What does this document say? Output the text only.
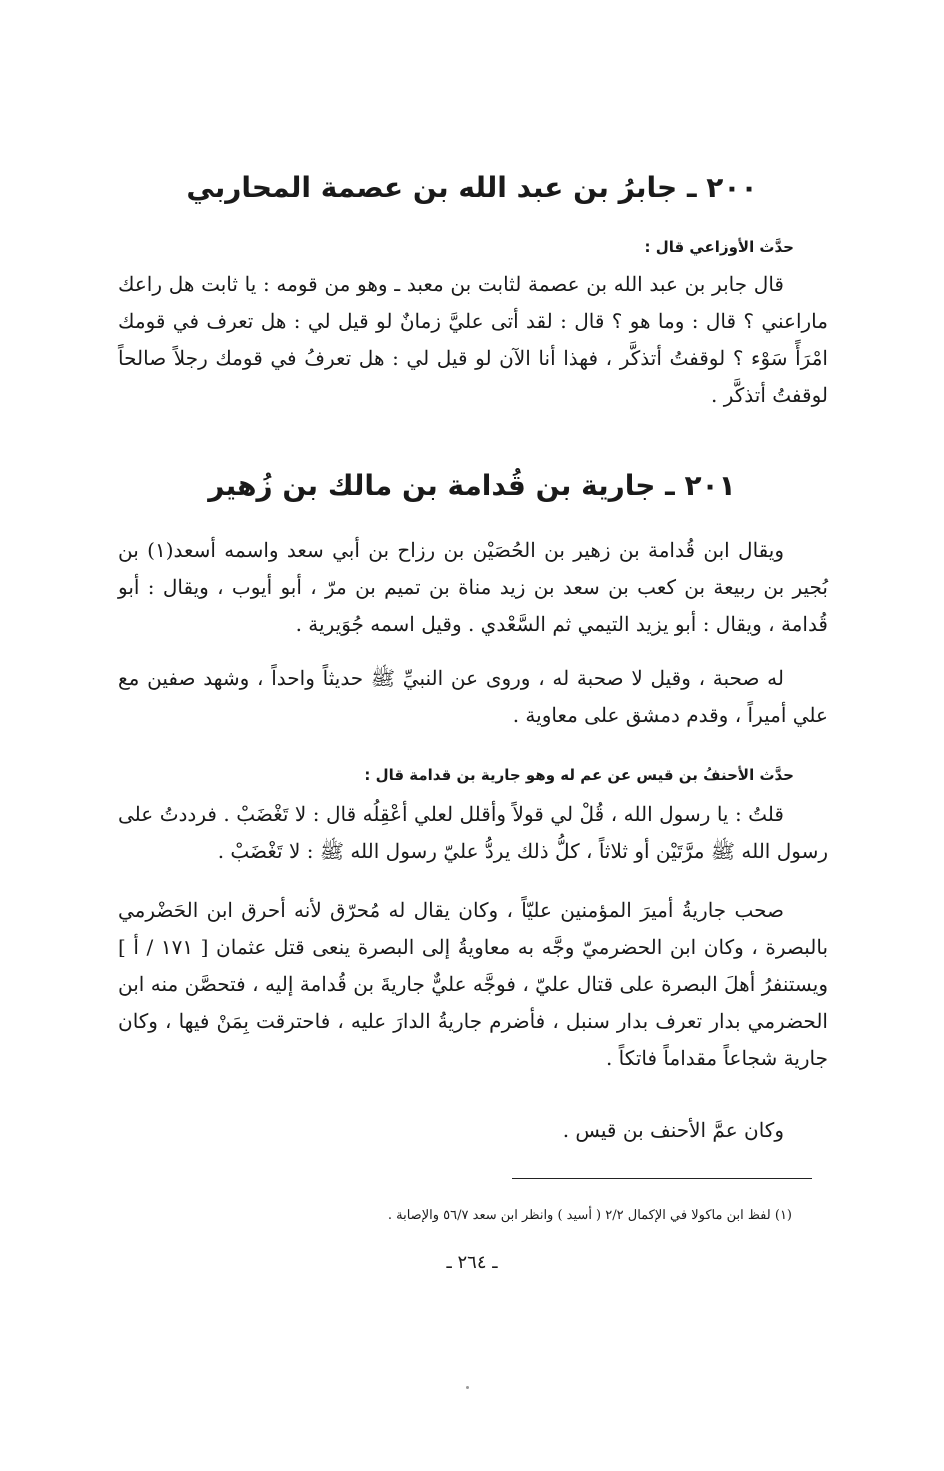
٢٠٠ ـ جابرُ بن عبد الله بن عصمة المحاربي
حدَّث الأوزاعي قال :
قال جابر بن عبد الله بن عصمة لثابت بن معبد ـ وهو من قومه : يا ثابت هل راعك ماراعني ؟ قال : وما هو ؟ قال : لقد أتى عليَّ زمانٌ لو قيل لي : هل تعرف في قومك امْرَأً سَوْء ؟ لوقفتُ أتذكَّر ، فهذا أنا الآن لو قيل لي : هل تعرفُ في قومك رجلاً صالحاً لوقفتُ أتذكَّر .
٢٠١ ـ جارية بن قُدامة بن مالك بن زُهير
ويقال ابن قُدامة بن زهير بن الحُصَيْن بن رزاح بن أبي سعد واسمه أسعد(١) بن بُجير بن ربيعة بن كعب بن سعد بن زيد مناة بن تميم بن مرّ ، أبو أيوب ، ويقال : أبو قُدامة ، ويقال : أبو يزيد التيمي ثم السَّعْدي . وقيل اسمه جُوَيرية .
له صحبة ، وقيل لا صحبة له ، وروى عن النبيِّ ﷺ حديثاً واحداً ، وشهد صفين مع علي أميراً ، وقدم دمشق على معاوية .
حدَّث الأحنفُ بن قيس عن عم له وهو جارية بن قدامة قال :
قلتُ : يا رسول الله ، قُلْ لي قولاً وأقلل لعلي أعْقِلُه قال : لا تَغْضَبْ . فرددتُ على رسول الله ﷺ مرَّتَيْن أو ثلاثاً ، كلُّ ذلك يردُّ عليّ رسول الله ﷺ : لا تَغْضَبْ .
صحب جاريةُ أميرَ المؤمنين عليّاً ، وكان يقال له مُحرّق لأنه أحرق ابن الحَضْرمي بالبصرة ، وكان ابن الحضرميّ وجَّه به معاويةُ إلى البصرة ينعى قتل عثمان [ ١٧١ / أ ] ويستنفرُ أهلَ البصرة على قتال عليّ ، فوجَّه عليٌّ جاريةَ بن قُدامة إليه ، فتحصَّن منه ابن الحضرمي بدار تعرف بدار سنبل ، فأضرم جاريةُ الدارَ عليه ، فاحترقت بِمَنْ فيها ، وكان جارية شجاعاً مقداماً فاتكاً .
وكان عمَّ الأحنف بن قيس .
(١) لفظ ابن ماكولا في الإكمال ٢/٢ ( أسيد ) وانظر ابن سعد ٥٦/٧ والإصابة .
ـ ٢٦٤ ـ
